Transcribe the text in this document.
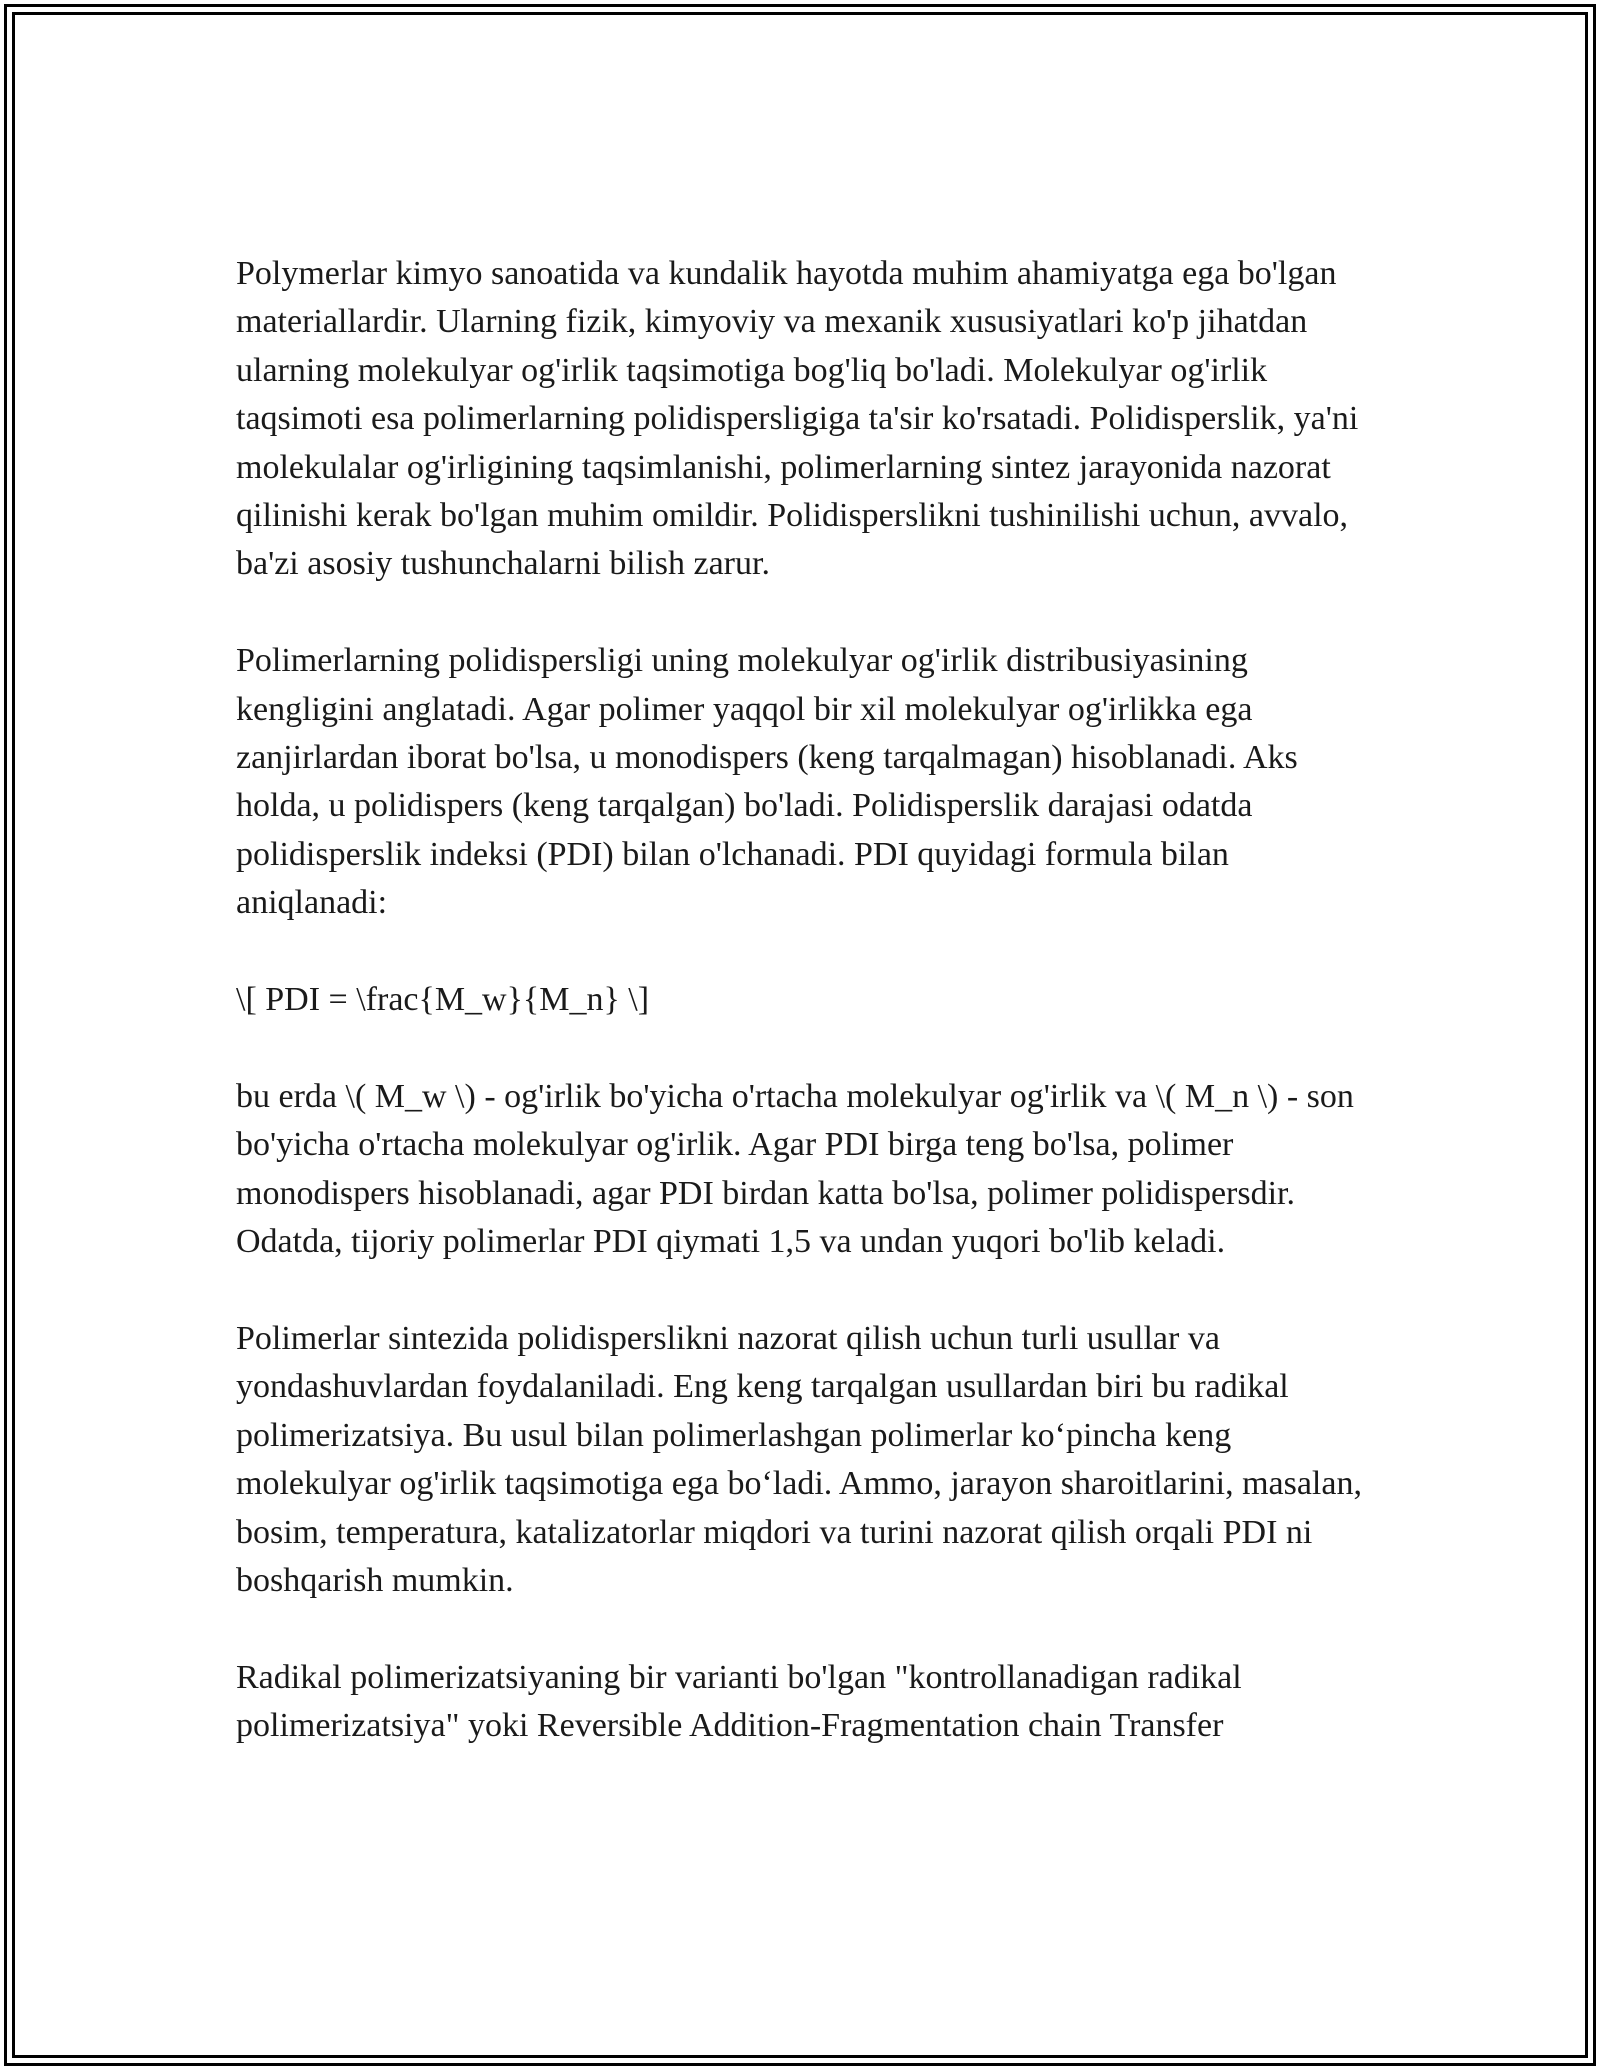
Polymerlar kimyo sanoatida va kundalik hayotda muhim ahamiyatga ega bo'lgan materiallardir. Ularning fizik, kimyoviy va mexanik xususiyatlari ko'p jihatdan ularning molekulyar og'irlik taqsimotiga bog'liq bo'ladi. Molekulyar og'irlik taqsimoti esa polimerlarning polidispersligiga ta'sir ko'rsatadi. Polidisperslik, ya'ni molekulalar og'irligining taqsimlanishi, polimerlarning sintez jarayonida nazorat qilinishi kerak bo'lgan muhim omildir. Polidisperslikni tushinilishi uchun, avvalo, ba'zi asosiy tushunchalarni bilish zarur.

Polimerlarning polidispersligi uning molekulyar og'irlik distribusiyasining kengligini anglatadi. Agar polimer yaqqol bir xil molekulyar og'irlikka ega zanjirlardan iborat bo'lsa, u monodispers (keng tarqalmagan) hisoblanadi. Aks holda, u polidispers (keng tarqalgan) bo'ladi. Polidisperslik darajasi odatda polidisperslik indeksi (PDI) bilan o'lchanadi. PDI quyidagi formula bilan aniqlanadi:

\[ PDI = \frac{M_w}{M_n} \]

bu erda \( M_w \) - og'irlik bo'yicha o'rtacha molekulyar og'irlik va \( M_n \) - son bo'yicha o'rtacha molekulyar og'irlik. Agar PDI birga teng bo'lsa, polimer monodispers hisoblanadi, agar PDI birdan katta bo'lsa, polimer polidispersdir. Odatda, tijoriy polimerlar PDI qiymati 1,5 va undan yuqori bo'lib keladi.

Polimerlar sintezida polidisperslikni nazorat qilish uchun turli usullar va yondashuvlardan foydalaniladi. Eng keng tarqalgan usullardan biri bu radikal polimerizatsiya. Bu usul bilan polimerlashgan polimerlar ko‘pincha keng molekulyar og'irlik taqsimotiga ega bo‘ladi. Ammo, jarayon sharoitlarini, masalan, bosim, temperatura, katalizatorlar miqdori va turini nazorat qilish orqali PDI ni boshqarish mumkin.

Radikal polimerizatsiyaning bir varianti bo'lgan "kontrollanadigan radikal polimerizatsiya" yoki Reversible Addition-Fragmentation chain Transfer
